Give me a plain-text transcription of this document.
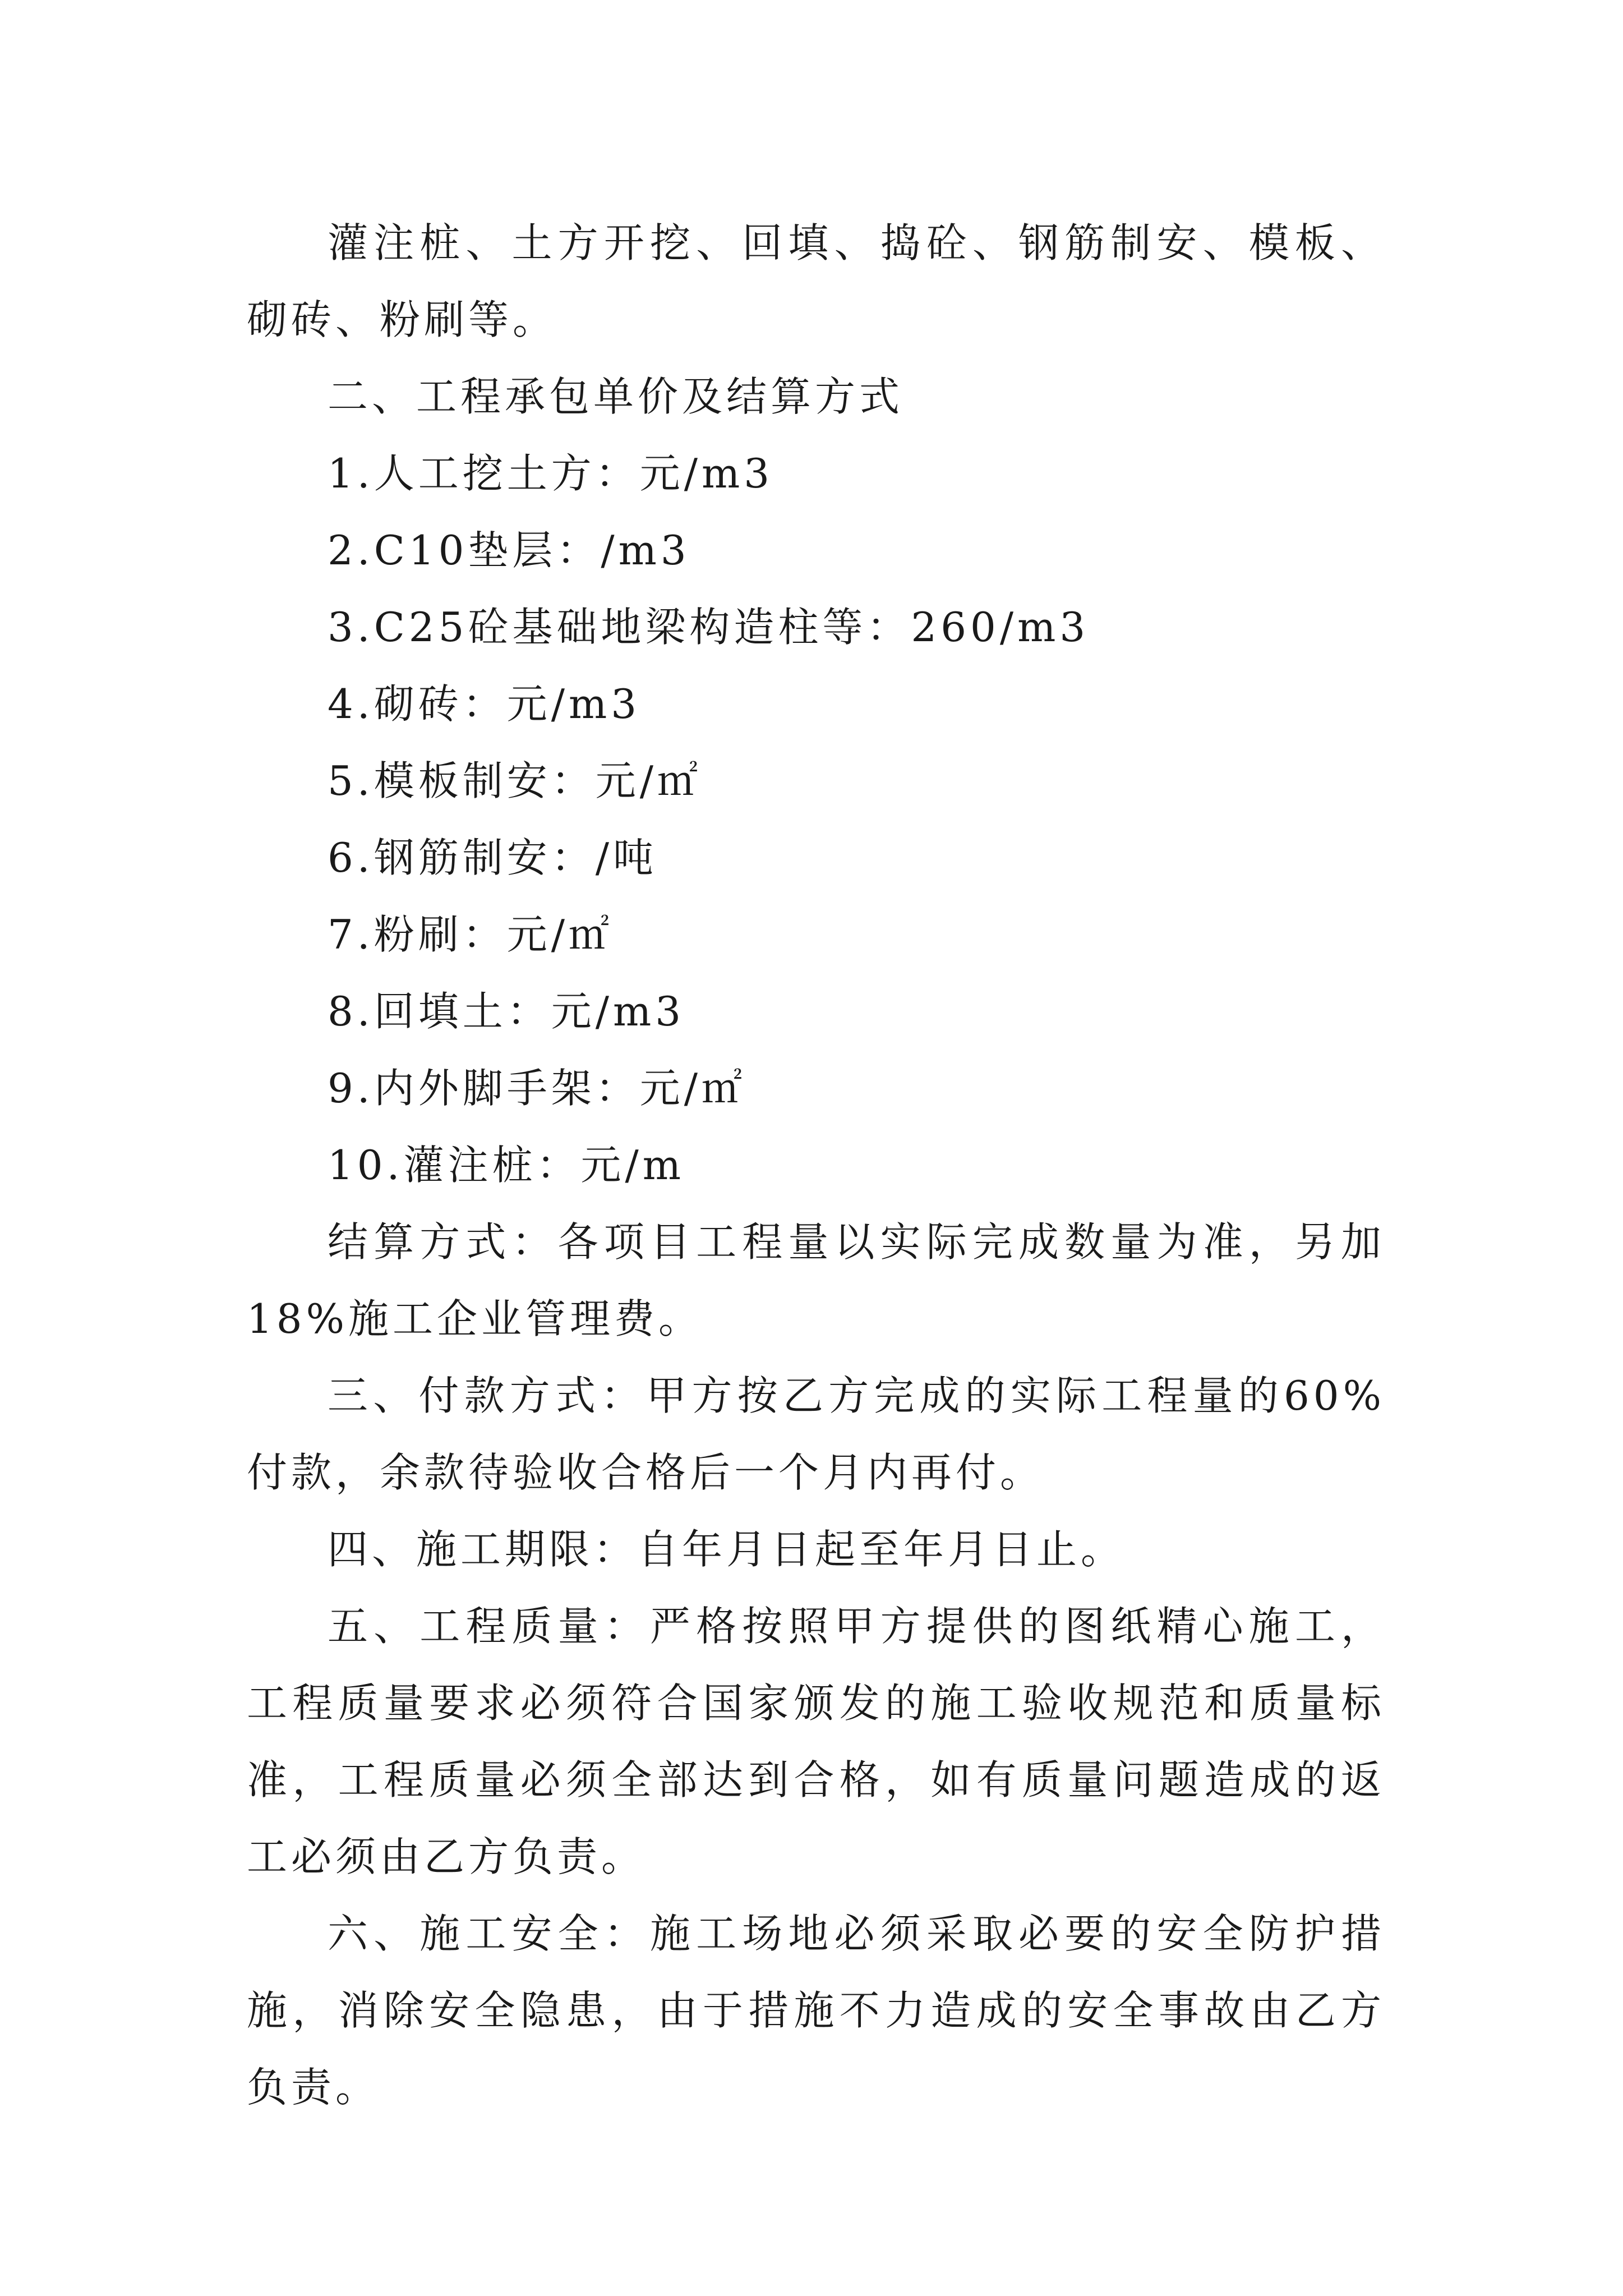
灌注桩、土方开挖、回填、捣砼、钢筋制安、模板、砌砖、粉刷等。

二、工程承包单价及结算方式

1.人工挖土方：元/m3

2.C10垫层：/m3

3.C25砼基础地梁构造柱等：260/m3

4.砌砖：元/m3

5.模板制安：元/㎡

6.钢筋制安：/吨

7.粉刷：元/㎡

8.回填土：元/m3

9.内外脚手架：元/㎡

10.灌注桩：元/m

结算方式：各项目工程量以实际完成数量为准，另加18%施工企业管理费。

三、付款方式：甲方按乙方完成的实际工程量的60%付款，余款待验收合格后一个月内再付。

四、施工期限：自年月日起至年月日止。

五、工程质量：严格按照甲方提供的图纸精心施工，工程质量要求必须符合国家颁发的施工验收规范和质量标准，工程质量必须全部达到合格，如有质量问题造成的返工必须由乙方负责。

六、施工安全：施工场地必须采取必要的安全防护措施，消除安全隐患，由于措施不力造成的安全事故由乙方负责。
